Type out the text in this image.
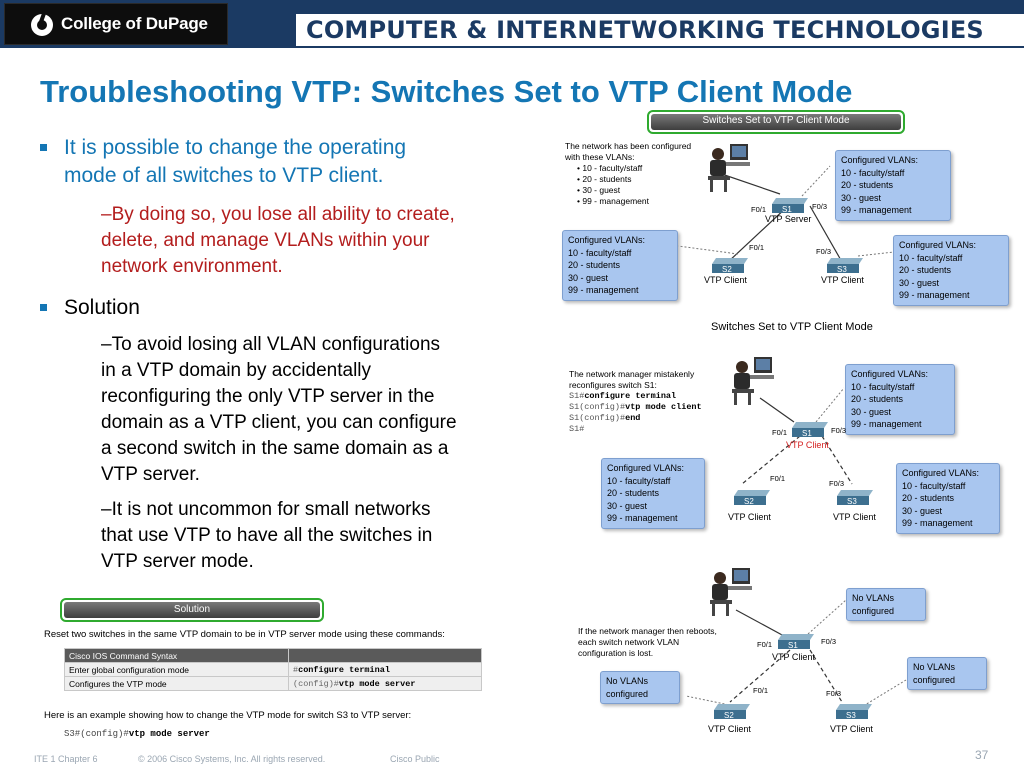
College of DuPage	COMPUTER & INTERNETWORKING TECHNOLOGIES
Troubleshooting VTP: Switches Set to VTP Client Mode
It is possible to change the operating
mode of all switches to VTP client.
–By doing so, you lose all ability to create,
delete, and manage VLANs within your
network environment.
Solution
–To avoid losing all VLAN configurations
in a VTP domain by accidentally
reconfiguring the only VTP server in the
domain as a VTP client, you can configure
a second switch in the same domain as a
VTP server.
–It is not uncommon for small networks
that use VTP to have all the switches in
VTP server mode.
Switches Set to VTP Client Mode
The network has been configured
with these VLANs:
• 10 - faculty/staff
• 20 - students
• 30 - guest
• 99 - management
Configured VLANs:
10 - faculty/staff
20 - students
30 - guest
99 - management
Configured VLANs:
10 - faculty/staff
20 - students
30 - guest
99 - management
Configured VLANs:
10 - faculty/staff
20 - students
30 - guest
99 - management
S1
S2	S3
F0/1	F0/3
F0/1	F0/3
VTP Server
VTP Client	VTP Client
Switches Set to VTP Client Mode
The network manager mistakenly
reconfigures switch S1:
S1#configure terminal
S1(config)#vtp mode client
S1(config)#end
S1#
Configured VLANs:
10 - faculty/staff
20 - students
30 - guest
99 - management
Configured VLANs:
10 - faculty/staff
20 - students
30 - guest
99 - management
Configured VLANs:
10 - faculty/staff
20 - students
30 - guest
99 - management
S1
S2	S3
F0/1	F0/3
F0/1
F0/3
VTP Client
VTP Client	VTP Client
If the network manager then reboots,
each switch network VLAN
configuration is lost.
No VLANs
configured
No VLANs
configured
No VLANs
configured
S1
S2	S3
F0/1	F0/3
F0/1	F0/3
VTP Client
VTP Client	VTP Client
Solution
Reset two switches in the same VTP domain to be in VTP server mode using these commands:
Cisco IOS Command Syntax	
Enter global configuration mode	#configure terminal
Configures the VTP mode	(config)#vtp mode server
Here is an example showing how to change the VTP mode for switch S3 to VTP server:
S3#(config)#vtp mode server
ITE 1 Chapter 6	© 2006 Cisco Systems, Inc. All rights reserved.	Cisco Public	37
